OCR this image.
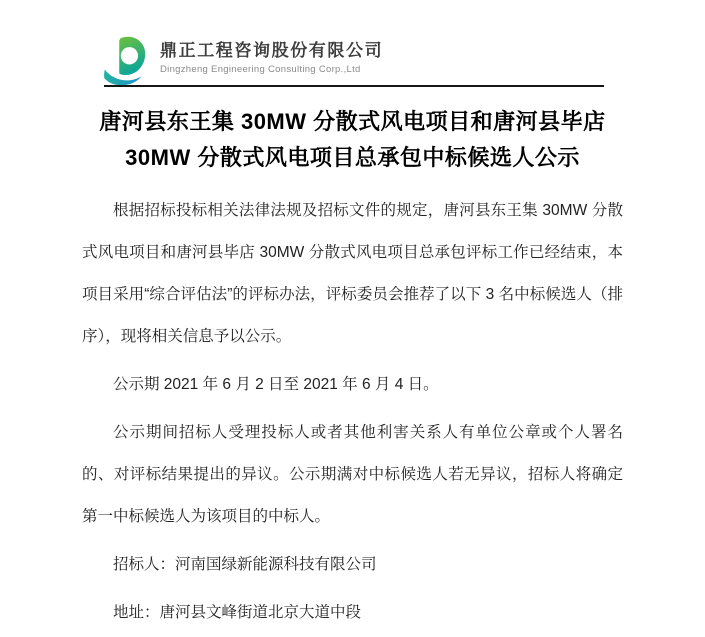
鼎正工程咨询股份有限公司
Dingzheng Engineering Consulting Corp.,Ltd
唐河县东王集 30MW 分散式风电项目和唐河县毕店
30MW 分散式风电项目总承包中标候选人公示

根据招标投标相关法律法规及招标文件的规定，唐河县东王集 30MW 分散式风电项目和唐河县毕店 30MW 分散式风电项目总承包评标工作已经结束，本项目采用“综合评估法”的评标办法，评标委员会推荐了以下 3 名中标候选人（排序），现将相关信息予以公示。

公示期 2021 年 6 月 2 日至 2021 年 6 月 4 日。

公示期间招标人受理投标人或者其他利害关系人有单位公章或个人署名的、对评标结果提出的异议。公示期满对中标候选人若无异议，招标人将确定第一中标候选人为该项目的中标人。

招标人：河南国绿新能源科技有限公司

地址：唐河县文峰街道北京大道中段
